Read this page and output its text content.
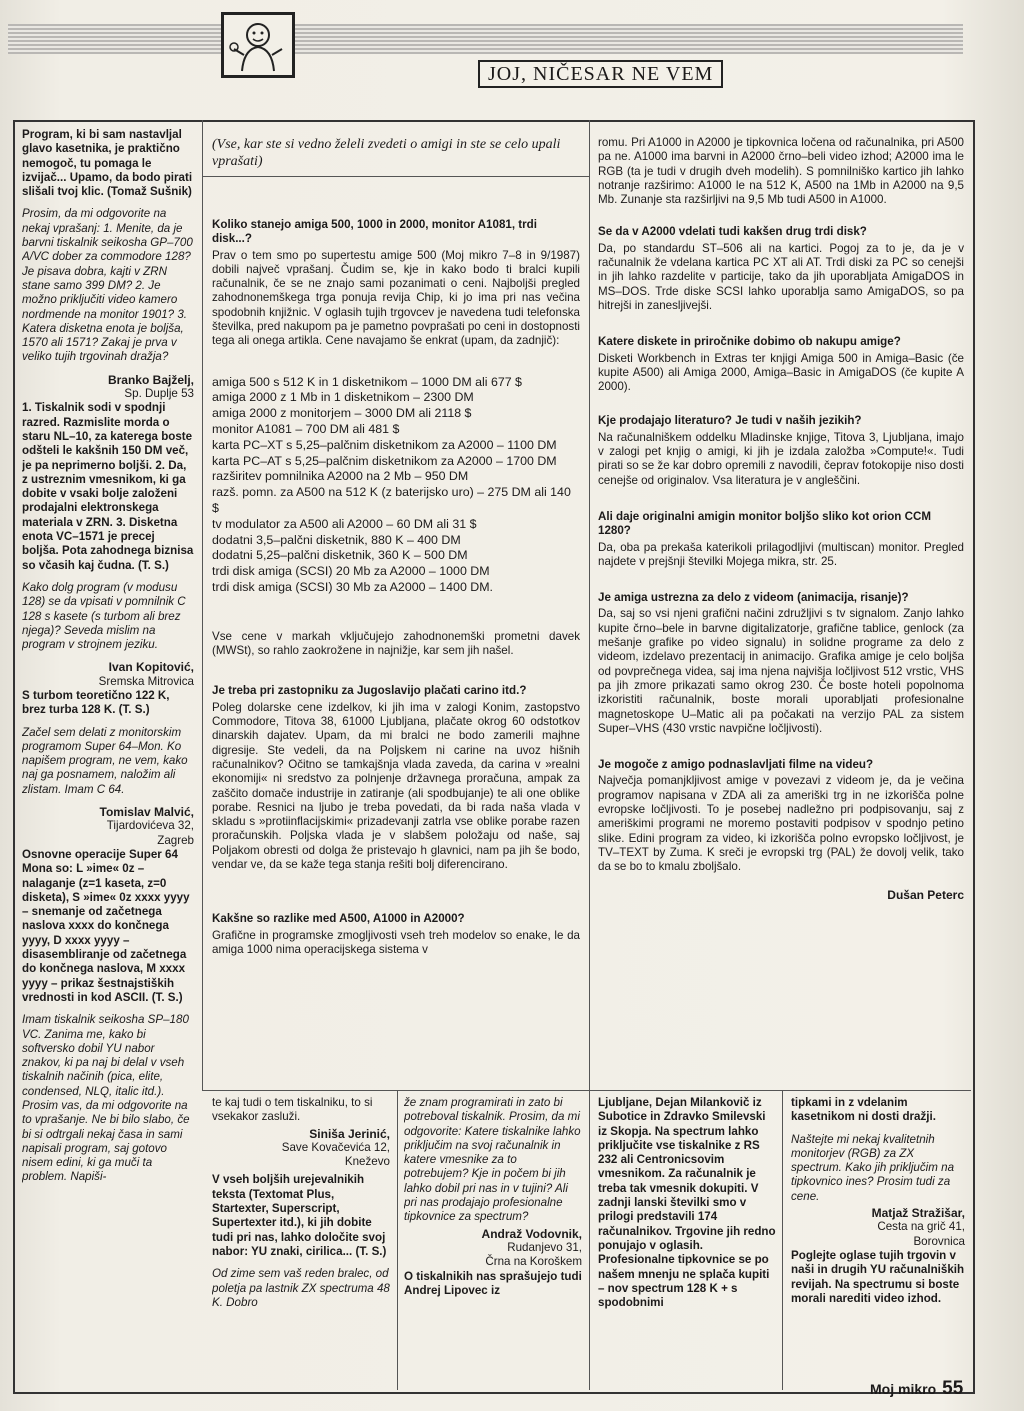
JOJ, NIČESAR NE VEM

Program, ki bi sam nastavljal glavo kasetnika, je praktično nemogoč, tu pomaga le izvijač... Upamo, da bodo pirati slišali tvoj klic. (Tomaž Sušnik)

Prosim, da mi odgovorite na nekaj vprašanj: 1. Menite, da je barvni tiskalnik seikosha GP–700 A/VC dober za commodore 128? Je pisava dobra, kajti v ZRN stane samo 399 DM? 2. Je možno priključiti video kamero nordmende na monitor 1901? 3. Katera disketna enota je boljša, 1570 ali 1571? Zakaj je prva v veliko tujih trgovinah dražja?

Branko Bajželj,
Sp. Duplje 53

1. Tiskalnik sodi v spodnji razred. Razmislite morda o staru NL–10, za katerega boste odšteli le kakšnih 150 DM več, je pa neprimerno boljši. 2. Da, z ustreznim vmesnikom, ki ga dobite v vsaki bolje založeni prodajalni elektronskega materiala v ZRN. 3. Disketna enota VC–1571 je precej boljša. Pota zahodnega biznisa so včasih kaj čudna. (T. S.)

Kako dolg program (v modusu 128) se da vpisati v pomnilnik C 128 s kasete (s turbom ali brez njega)? Seveda mislim na program v strojnem jeziku.

Ivan Kopitović,
Sremska Mitrovica

S turbom teoretično 122 K, brez turba 128 K. (T. S.)

Začel sem delati z monitorskim programom Super 64–Mon. Ko napišem program, ne vem, kako naj ga posnamem, naložim ali zlistam. Imam C 64.

Tomislav Malvić,
Tijardovićeva 32,
Zagreb

Osnovne operacije Super 64 Mona so: L »ime« 0z – nalaganje (z=1 kaseta, z=0 disketa), S »ime« 0z xxxx yyyy – snemanje od začetnega naslova xxxx do končnega yyyy, D xxxx yyyy – disasembliranje od začetnega do končnega naslova, M xxxx yyyy – prikaz šestnajstiških vrednosti in kod ASCII. (T. S.)

Imam tiskalnik seikosha SP–180 VC. Zanima me, kako bi softversko dobil YU nabor znakov, ki pa naj bi delal v vseh tiskalnih načinih (pica, elite, condensed, NLQ, italic itd.). Prosim vas, da mi odgovorite na to vprašanje. Ne bi bilo slabo, če bi si odtrgali nekaj časa in sami napisali program, saj gotovo nisem edini, ki ga muči ta problem. Napiši-

(Vse, kar ste si vedno želeli zvedeti o amigi in ste se celo upali vprašati)

Koliko stanejo amiga 500, 1000 in 2000, monitor A1081, trdi disk...?

Prav o tem smo po supertestu amige 500 (Moj mikro 7–8 in 9/1987) dobili največ vprašanj. Čudim se, kje in kako bodo ti bralci kupili računalnik, če se ne znajo sami pozanimati o ceni. Najboljši pregled zahodnonemškega trga ponuja revija Chip, ki jo ima pri nas večina spodobnih knjižnic. V oglasih tujih trgovcev je navedena tudi telefonska številka, pred nakupom pa je pametno povprašati po ceni in dostopnosti tega ali onega artikla. Cene navajamo še enkrat (upam, da zadnjič):

amiga 500 s 512 K in 1 disketnikom – 1000 DM ali 677 $

amiga 2000 z 1 Mb in 1 disketnikom – 2300 DM

amiga 2000 z monitorjem – 3000 DM ali 2118 $

monitor A1081 – 700 DM ali 481 $

karta PC–XT s 5,25–palčnim disketnikom za A2000 – 1100 DM

karta PC–AT s 5,25–palčnim disketnikom za A2000 – 1700 DM

razširitev pomnilnika A2000 na 2 Mb – 950 DM

razš. pomn. za A500 na 512 K (z baterijsko uro) – 275 DM ali 140 $

tv modulator za A500 ali A2000 – 60 DM ali 31 $

dodatni 3,5–palčni disketnik, 880 K – 400 DM

dodatni 5,25–palčni disketnik, 360 K – 500 DM

trdi disk amiga (SCSI) 20 Mb za A2000 – 1000 DM

trdi disk amiga (SCSI) 30 Mb za A2000 – 1400 DM.

Vse cene v markah vključujejo zahodnonemški prometni davek (MWSt), so rahlo zaokrožene in najnižje, kar sem jih našel.

Je treba pri zastopniku za Jugoslavijo plačati carino itd.?

Poleg dolarske cene izdelkov, ki jih ima v zalogi Konim, zastopstvo Commodore, Titova 38, 61000 Ljubljana, plačate okrog 60 odstotkov dinarskih dajatev. Upam, da mi bralci ne bodo zamerili majhne digresije. Ste vedeli, da na Poljskem ni carine na uvoz hišnih računalnikov? Očitno se tamkajšnja vlada zaveda, da carina v »realni ekonomiji« ni sredstvo za polnjenje državnega proračuna, ampak za zaščito domače industrije in zatiranje (ali spodbujanje) te ali one oblike porabe. Resnici na ljubo je treba povedati, da bi rada naša vlada v skladu s »protiinflacijskimi« prizadevanji zatrla vse oblike porabe razen proračunskih. Poljska vlada je v slabšem položaju od naše, saj Poljakom obresti od dolga že pristevajo h glavnici, nam pa jih še bodo, vendar ve, da se kaže tega stanja rešiti bolj diferencirano.

Kakšne so razlike med A500, A1000 in A2000?

Grafične in programske zmogljivosti vseh treh modelov so enake, le da amiga 1000 nima operacijskega sistema v

romu. Pri A1000 in A2000 je tipkovnica ločena od računalnika, pri A500 pa ne. A1000 ima barvni in A2000 črno–beli video izhod; A2000 ima le RGB (ta je tudi v drugih dveh modelih). S pomnilniško kartico jih lahko notranje razširimo: A1000 le na 512 K, A500 na 1Mb in A2000 na 9,5 Mb. Zunanje sta razširljivi na 9,5 Mb tudi A500 in A1000.

Se da v A2000 vdelati tudi kakšen drug trdi disk?

Da, po standardu ST–506 ali na kartici. Pogoj za to je, da je v računalnik že vdelana kartica PC XT ali AT. Trdi diski za PC so cenejši in jih lahko razdelite v particije, tako da jih uporabljata AmigaDOS in MS–DOS. Trde diske SCSI lahko uporablja samo AmigaDOS, so pa hitrejši in zanesljivejši.

Katere diskete in priročnike dobimo ob nakupu amige?

Disketi Workbench in Extras ter knjigi Amiga 500 in Amiga–Basic (če kupite A500) ali Amiga 2000, Amiga–Basic in AmigaDOS (če kupite A 2000).

Kje prodajajo literaturo? Je tudi v naših jezikih?

Na računalniškem oddelku Mladinske knjige, Titova 3, Ljubljana, imajo v zalogi pet knjig o amigi, ki jih je izdala založba »Compute!«. Tudi pirati so se že kar dobro opremili z navodili, čeprav fotokopije niso dosti cenejše od originalov. Vsa literatura je v angleščini.

Ali daje originalni amigin monitor boljšo sliko kot orion CCM 1280?

Da, oba pa prekaša katerikoli prilagodljivi (multiscan) monitor. Pregled najdete v prejšnji številki Mojega mikra, str. 25.

Je amiga ustrezna za delo z videom (animacija, risanje)?

Da, saj so vsi njeni grafični načini združljivi s tv signalom. Zanjo lahko kupite črno–bele in barvne digitalizatorje, grafične tablice, genlock (za mešanje grafike po video signalu) in solidne programe za delo z videom, izdelavo prezentacij in animacijo. Grafika amige je celo boljša od povprečnega videa, saj ima njena najvišja ločljivost 512 vrstic, VHS pa jih zmore prikazati samo okrog 230. Če boste hoteli popolnoma izkoristiti računalnik, boste morali uporabljati profesionalne magnetoskope U–Matic ali pa počakati na verzijo PAL za sistem Super–VHS (430 vrstic navpične ločljivosti).

Je mogoče z amigo podnaslavljati filme na videu?

Največja pomanjkljivost amige v povezavi z videom je, da je večina programov napisana v ZDA ali za ameriški trg in ne izkorišča polne evropske ločljivosti. To je posebej nadležno pri podpisovanju, saj z ameriškimi programi ne moremo postaviti podpisov v spodnjo petino slike. Edini program za video, ki izkorišča polno evropsko ločljivost, je TV–TEXT by Zuma. K sreči je evropski trg (PAL) že dovolj velik, tako da se bo to kmalu zboljšalo.

Dušan Peterc

te kaj tudi o tem tiskalniku, to si vsekakor zasluži.

Siniša Jerinić,
Save Kovačevića 12,
Kneževo

V vseh boljših urejevalnikih teksta (Textomat Plus, Startexter, Superscript, Supertexter itd.), ki jih dobite tudi pri nas, lahko določite svoj nabor: YU znaki, cirilica... (T. S.)

Od zime sem vaš reden bralec, od poletja pa lastnik ZX spectruma 48 K. Dobro

že znam programirati in zato bi potreboval tiskalnik. Prosim, da mi odgovorite: Katere tiskalnike lahko priključim na svoj računalnik in katere vmesnike za to potrebujem? Kje in počem bi jih lahko dobil pri nas in v tujini? Ali pri nas prodajajo profesionalne tipkovnice za spectrum?

Andraž Vodovnik,
Rudanjevo 31,
Črna na Koroškem

O tiskalnikih nas sprašujejo tudi Andrej Lipovec iz

Ljubljane, Dejan Milankovič iz Subotice in Zdravko Smilevski iz Skopja. Na spectrum lahko priključite vse tiskalnike z RS 232 ali Centronicsovim vmesnikom. Za računalnik je treba tak vmesnik dokupiti. V zadnji lanski številki smo v prilogi predstavili 174 računalnikov. Trgovine jih redno ponujajo v oglasih. Profesionalne tipkovnice se po našem mnenju ne splača kupiti – nov spectrum 128 K + s spodobnimi

tipkami in z vdelanim kasetnikom ni dosti dražji.

Naštejte mi nekaj kvalitetnih monitorjev (RGB) za ZX spectrum. Kako jih priključim na tipkovnico ines? Prosim tudi za cene.

Matjaž Stražišar,
Cesta na grič 41,
Borovnica

Poglejte oglase tujih trgovin v naši in drugih YU računalniških revijah. Na spectrumu si boste morali narediti video izhod.

Moj mikro 55
